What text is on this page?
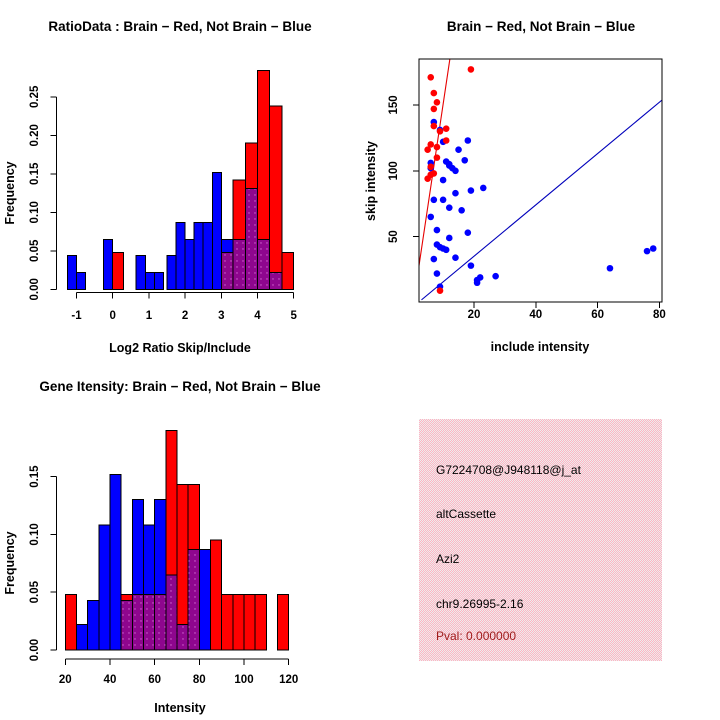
0.00
0.05
0.10
0.15
0.20
0.25
-1 0	1	2	3	4	5
RatioData : Brain − Red, Not Brain − Blue
Log2 Ratio Skip/Include
Frequency
50
100
150
20	40	60	80
Brain − Red, Not Brain − Blue
include intensity
skip intensity
0.00
0.05
0.10
0.15
20	40	60	80 100 120
Gene Itensity: Brain − Red, Not Brain − Blue
Intensity
Frequency
G7224708@J948118@j_at
altCassette
Azi2
chr9.26995-2.16
Pval: 0.000000
